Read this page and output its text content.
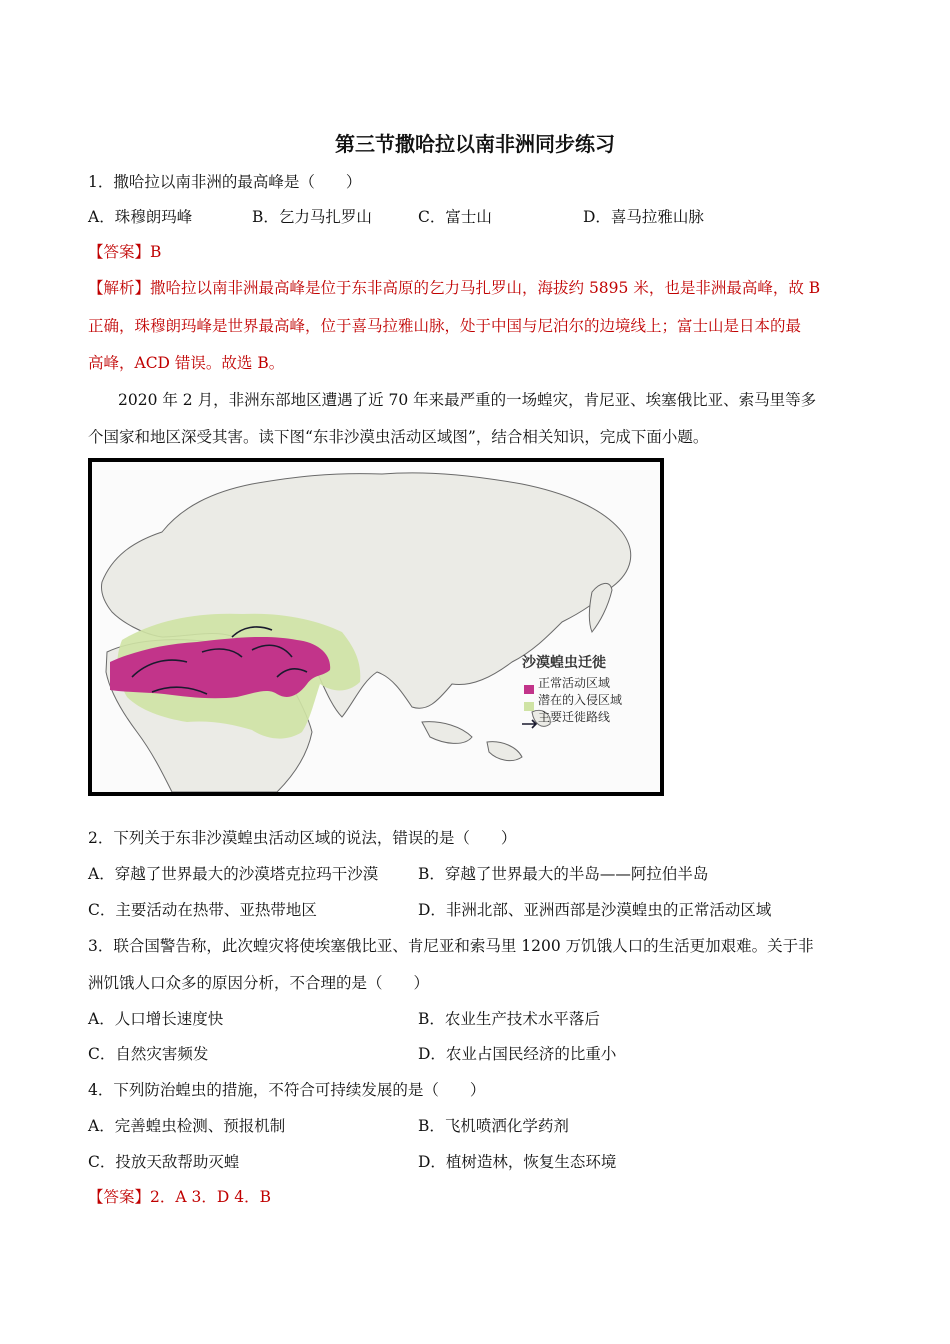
第三节撒哈拉以南非洲同步练习
1．撒哈拉以南非洲的最高峰是（　　）
A．珠穆朗玛峰	B．乞力马扎罗山	C．富士山	D．喜马拉雅山脉
【答案】B
【解析】撒哈拉以南非洲最高峰是位于东非高原的乞力马扎罗山，海拔约 5895 米，也是非洲最高峰，故 B
正确，珠穆朗玛峰是世界最高峰，位于喜马拉雅山脉，处于中国与尼泊尔的边境线上；富士山是日本的最
高峰，ACD 错误。故选 B。
2020 年 2 月，非洲东部地区遭遇了近 70 年来最严重的一场蝗灾，肯尼亚、埃塞俄比亚、索马里等多
个国家和地区深受其害。读下图“东非沙漠虫活动区域图”，结合相关知识，完成下面小题。
沙漠蝗虫迁徙
正常活动区域
潜在的入侵区域
主要迁徙路线
2．下列关于东非沙漠蝗虫活动区域的说法，错误的是（　　）
A．穿越了世界最大的沙漠塔克拉玛干沙漠	B．穿越了世界最大的半岛——阿拉伯半岛
C．主要活动在热带、亚热带地区	D．非洲北部、亚洲西部是沙漠蝗虫的正常活动区域
3．联合国警告称，此次蝗灾将使埃塞俄比亚、肯尼亚和索马里 1200 万饥饿人口的生活更加艰难。关于非
洲饥饿人口众多的原因分析，不合理的是（　　）
A．人口增长速度快	B．农业生产技术水平落后
C．自然灾害频发	D．农业占国民经济的比重小
4．下列防治蝗虫的措施，不符合可持续发展的是（　　）
A．完善蝗虫检测、预报机制	B．飞机喷洒化学药剂
C．投放天敌帮助灭蝗	D．植树造林，恢复生态环境
【答案】2．A 3．D 4．B
